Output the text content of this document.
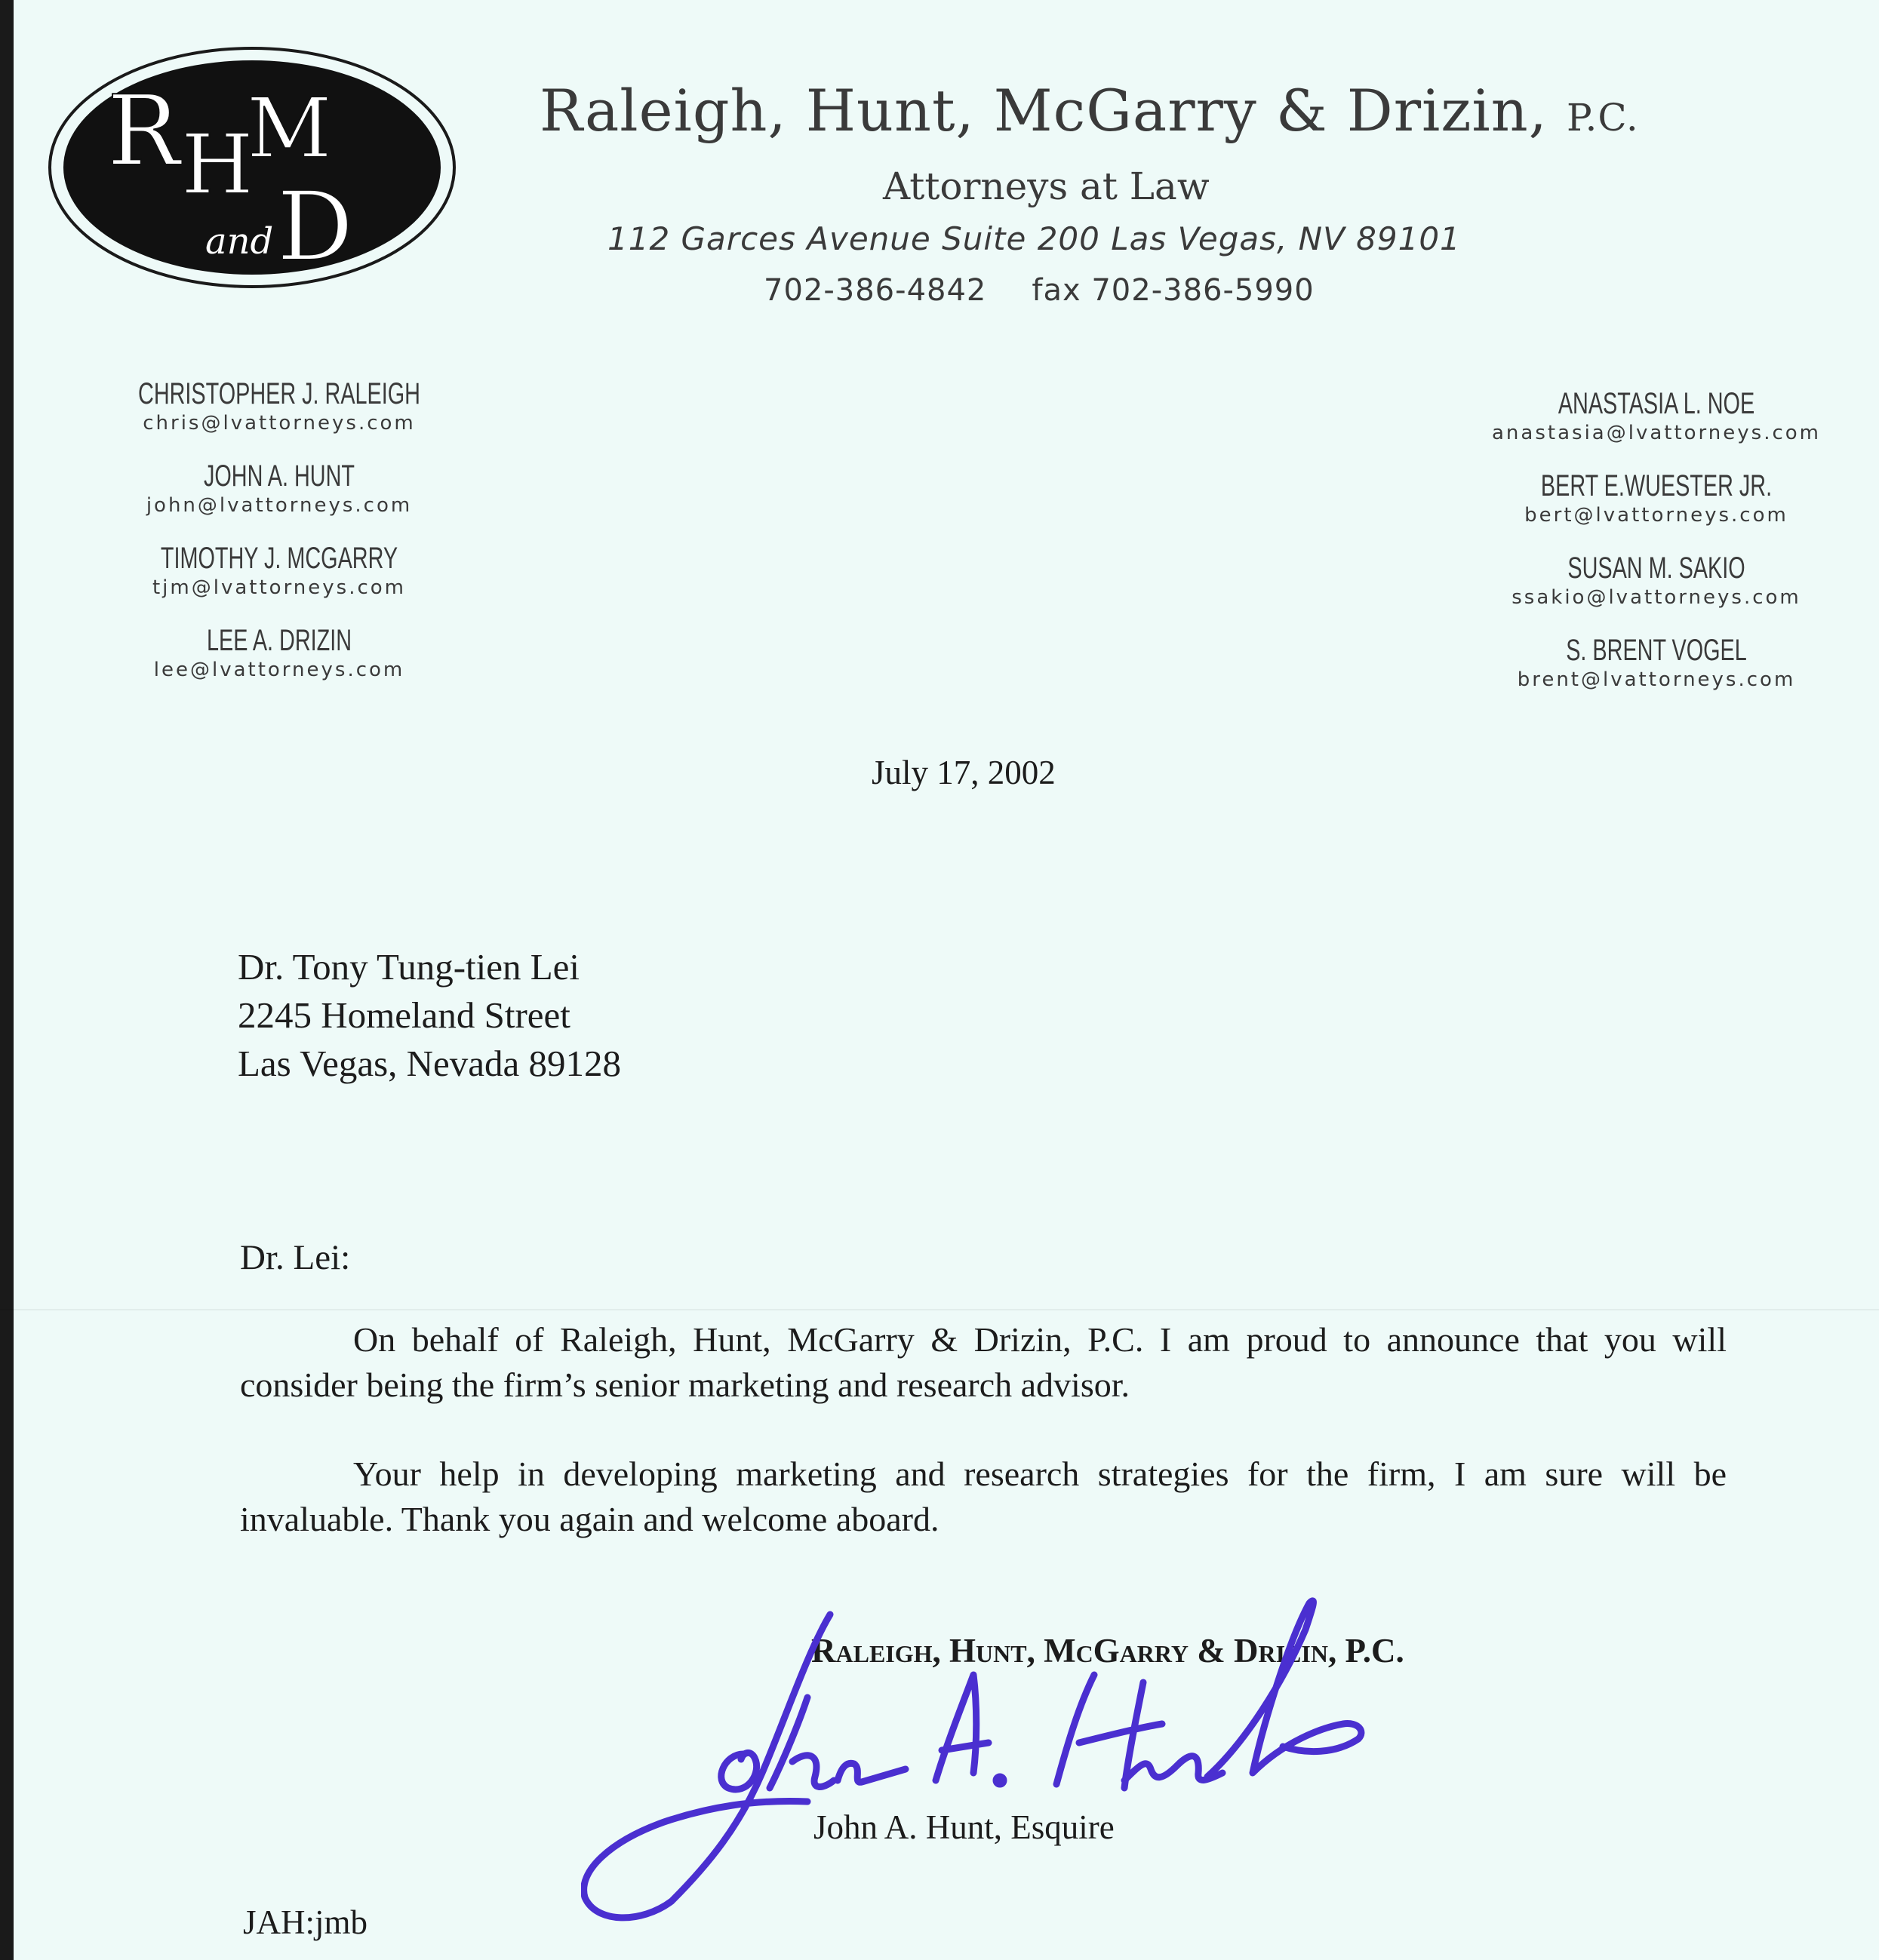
R H
M
D
and
Raleigh, Hunt, McGarry & Drizin, P.C.
Attorneys at Law
112 Garces Avenue Suite 200 Las Vegas, NV 89101
702-386-4842 fax 702-386-5990
CHRISTOPHER J. RALEIGH
chris@lvattorneys.com
JOHN A. HUNT
john@lvattorneys.com
TIMOTHY J. MCGARRY
tjm@lvattorneys.com
LEE A. DRIZIN
lee@lvattorneys.com
ANASTASIA L. NOE
anastasia@lvattorneys.com
BERT E.WUESTER JR.
bert@lvattorneys.com
SUSAN M. SAKIO
ssakio@lvattorneys.com
S. BRENT VOGEL
brent@lvattorneys.com
July 17, 2002
Dr. Tony Tung-tien Lei
2245 Homeland Street
Las Vegas, Nevada 89128
Dr. Lei:
On behalf of Raleigh, Hunt, McGarry & Drizin, P.C. I am proud to announce that you will consider being the firm’s senior marketing and research advisor.
Your help in developing marketing and research strategies for the firm, I am sure will be invaluable. Thank you again and welcome aboard.
Raleigh, Hunt, McGarry & Drizin, P.C.
John A. Hunt, Esquire
JAH:jmb
